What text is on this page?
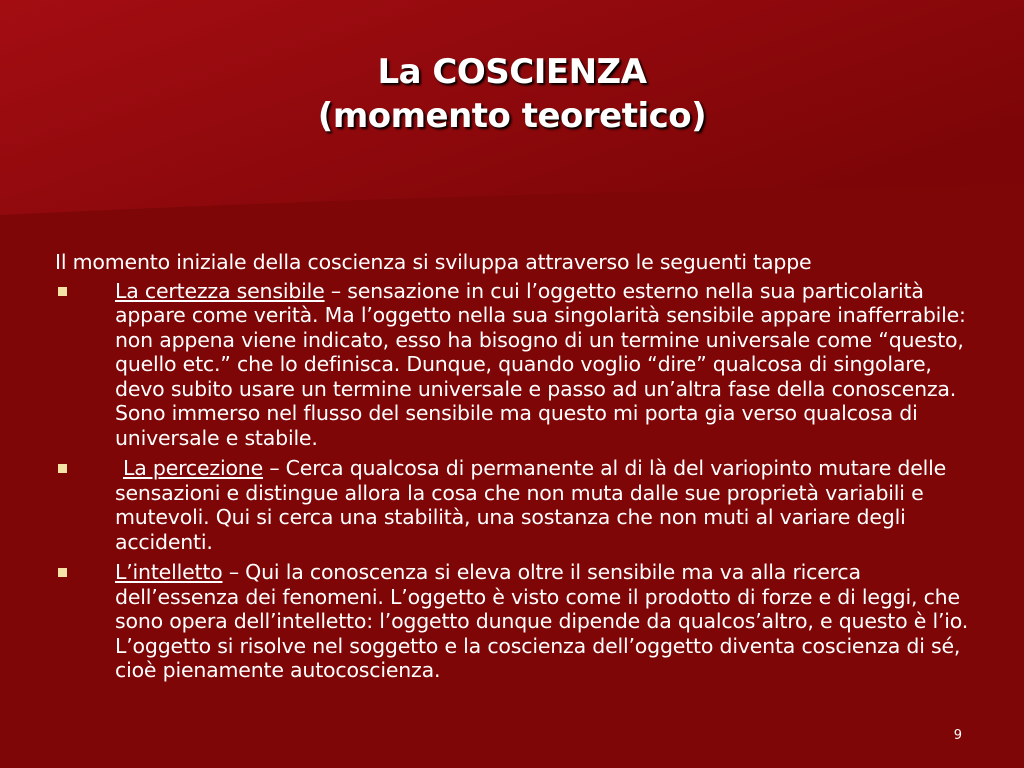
La COSCIENZA
(momento teoretico)

Il momento iniziale della coscienza si sviluppa attraverso le seguenti tappe

La certezza sensibile – sensazione in cui l’oggetto esterno nella sua particolarità appare come verità. Ma l’oggetto nella sua singolarità sensibile appare inafferrabile: non appena viene indicato, esso ha bisogno di un termine universale come “questo, quello etc.” che lo definisca. Dunque, quando voglio “dire” qualcosa di singolare, devo subito usare un termine universale e passo ad un’altra fase della conoscenza. Sono immerso nel flusso del sensibile ma questo mi porta gia verso qualcosa di universale e stabile.
La percezione – Cerca qualcosa di permanente al di là del variopinto mutare delle sensazioni e distingue allora la cosa che non muta dalle sue proprietà variabili e mutevoli. Qui si cerca una stabilità, una sostanza che non muti al variare degli accidenti.
L’intelletto – Qui la conoscenza si eleva oltre il sensibile ma va alla ricerca dell’essenza dei fenomeni. L’oggetto è visto come il prodotto di forze e di leggi, che sono opera dell’intelletto: l’oggetto dunque dipende da qualcos’altro, e questo è l’io. L’oggetto si risolve nel soggetto e la coscienza dell’oggetto diventa coscienza di sé, cioè pienamente autocoscienza.
9
